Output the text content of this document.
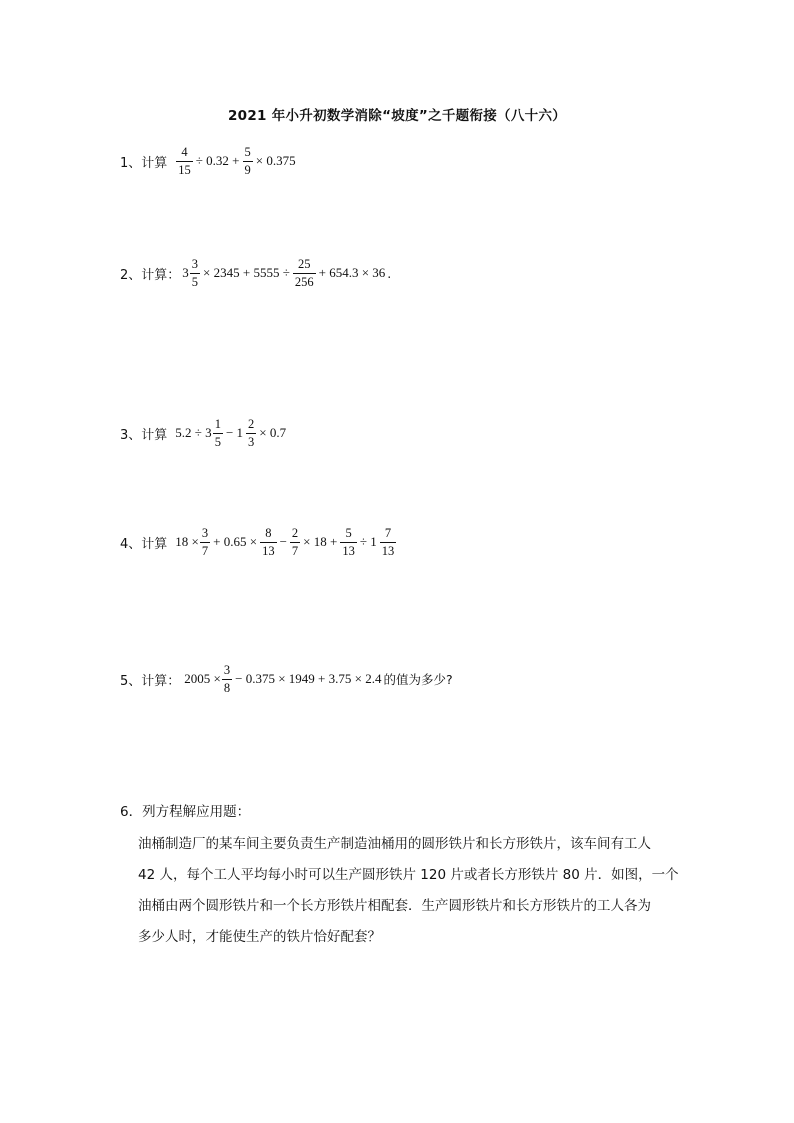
2021 年小升初数学消除“坡度”之千题衔接（八十六）
1、 计算 $\frac{4}{15} \div 0.32 + \frac{5}{9} \times 0.375$
2、 计算： $3 \frac{3}{5} \times 2345 + 5555 \div \frac{25}{256} + 654.3 \times 36$ .
3、 计算 $5.2 \div 3 \frac{1}{5} - 1 \frac{2}{3} \times 0.7$
4、 计算 $18 \times \frac{3}{7} + 0.65 \times \frac{8}{13} - \frac{2}{7} \times 18 + \frac{5}{13} \div 1 \frac{7}{13}$
5、 计算： $2005 \times \frac{3}{8} - 0.375 \times 1949 + 3.75 \times 2.4$ 的值为多少?
6．列方程解应用题：
油桶制造厂的某车间主要负责生产制造油桶用的圆形铁片和长方形铁片，该车间有工人
42 人，每个工人平均每小时可以生产圆形铁片 120 片或者长方形铁片 80 片．如图，一个
油桶由两个圆形铁片和一个长方形铁片相配套．生产圆形铁片和长方形铁片的工人各为
多少人时，才能使生产的铁片恰好配套？
